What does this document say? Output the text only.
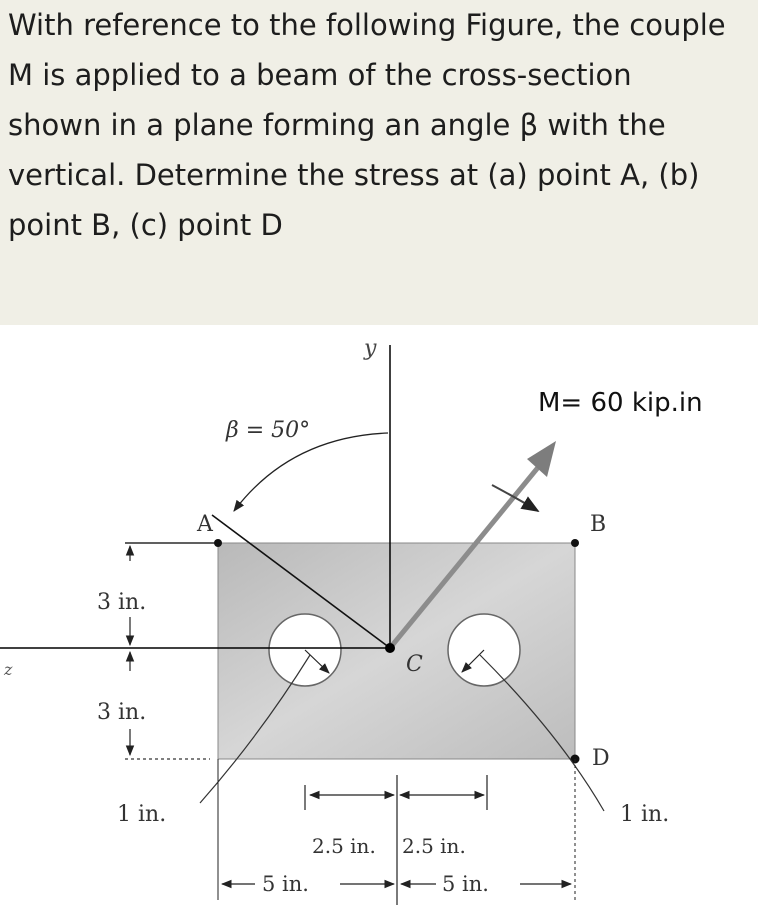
With reference to the following Figure, the couple

M is applied to a beam of the cross-section

shown in a plane forming an angle β with the

vertical. Determine the stress at (a) point A, (b)

point B, (c) point D

y
z
3 in.
3 in.
β = 50°
M= 60 kip.in
A	B
C
D
1 in.	1 in.
2.5 in. 2.5 in.
5 in.	5 in.
